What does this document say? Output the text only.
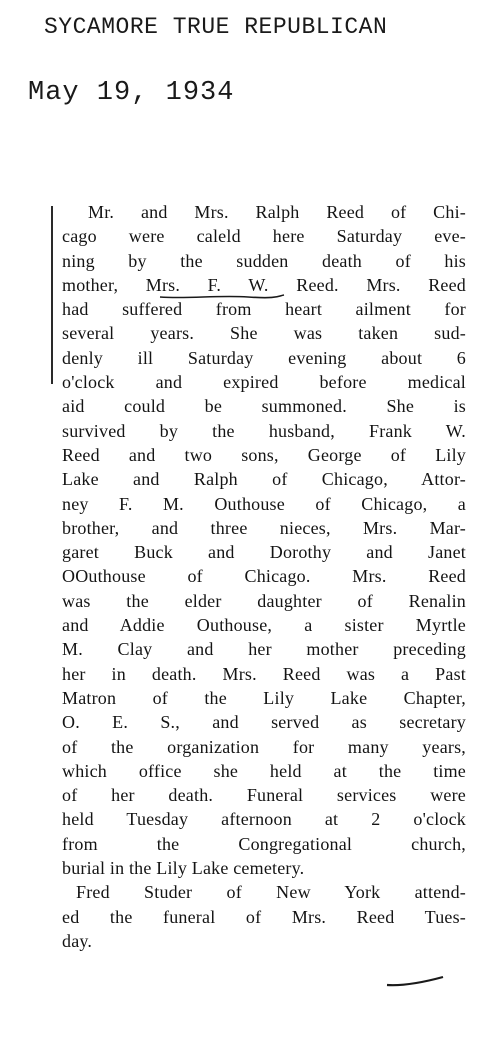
SYCAMORE TRUE REPUBLICAN
May 19, 1934
Mr. and Mrs. Ralph Reed of Chi-
cago were caleld here Saturday eve-
ning by the sudden death of his
mother, Mrs. F. W. Reed. Mrs. Reed
had suffered from heart ailment for
several years. She was taken sud-
denly ill Saturday evening about 6
o'clock and expired before medical
aid could be summoned. She is
survived by the husband, Frank W.
Reed and two sons, George of Lily
Lake and Ralph of Chicago, Attor-
ney F. M. Outhouse of Chicago, a
brother, and three nieces, Mrs. Mar-
garet Buck and Dorothy and Janet
OOuthouse of Chicago. Mrs. Reed
was the elder daughter of Renalin
and Addie Outhouse, a sister Myrtle
M. Clay and her mother preceding
her in death. Mrs. Reed was a Past
Matron of the Lily Lake Chapter,
O. E. S., and served as secretary
of the organization for many years,
which office she held at the time
of her death. Funeral services were
held Tuesday afternoon at 2 o'clock
from the Congregational church,
burial in the Lily Lake cemetery.
Fred Studer of New York attend-
ed the funeral of Mrs. Reed Tues-
day.
